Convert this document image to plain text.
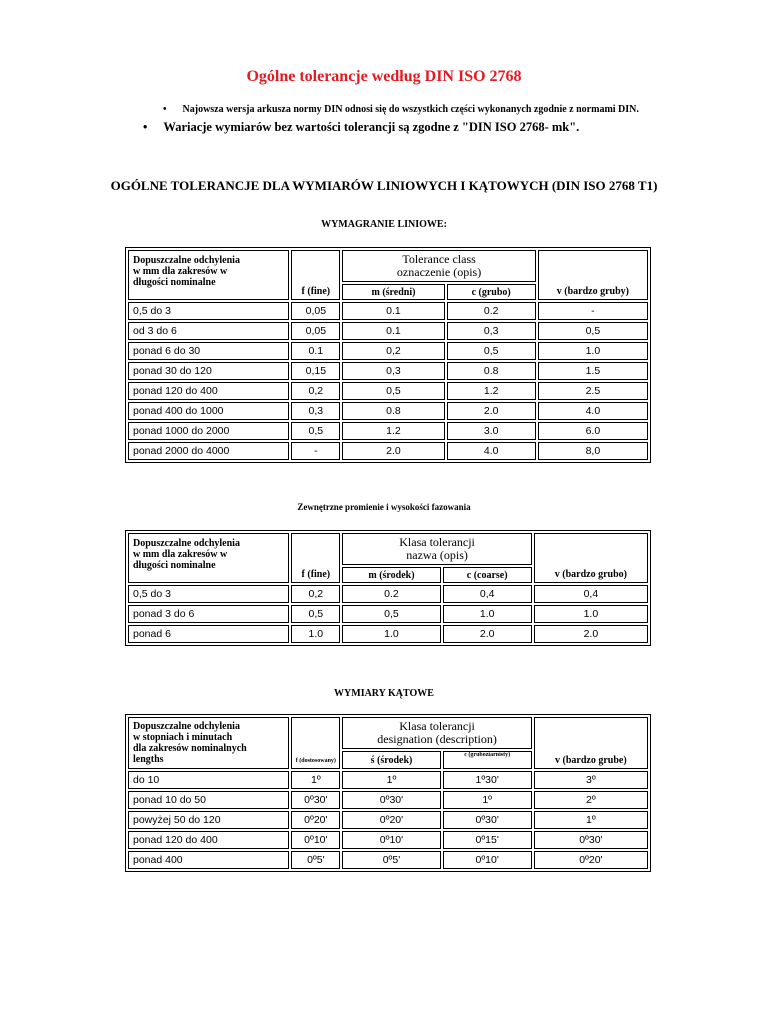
Ogólne tolerancje według DIN ISO 2768
• Najowsza wersja arkusza normy DIN odnosi się do wszystkich części wykonanych zgodnie z normami DIN.
• Wariacje wymiarów bez wartości tolerancji są zgodne z "DIN ISO 2768- mk".
OGÓLNE TOLERANCJE DLA WYMIARÓW LINIOWYCH I KĄTOWYCH (DIN ISO 2768 T1)
WYMAGRANIE LINIOWE:
Dopuszczalne odchylenia
w mm dla zakresów w
długości nominalne	f (fine)	Tolerance class
oznaczenie (opis)		v (bardzo gruby)
		m (średni)	c (grubo)	
0,5 do 3	0,05	0.1	0.2	-
od 3 do 6	0,05	0.1	0,3	0,5
ponad 6 do 30	0.1	0,2	0,5	1.0
ponad 30 do 120	0,15	0,3	0.8	1.5
ponad 120 do 400	0,2	0,5	1.2	2.5
ponad 400 do 1000	0,3	0.8	2.0	4.0
ponad 1000 do 2000	0,5	1.2	3.0	6.0
ponad 2000 do 4000	-	2.0	4.0	8,0
Zewnętrzne promienie i wysokości fazowania
Dopuszczalne odchylenia
w mm dla zakresów w
długości nominalne	f (fine)	Klasa tolerancji
nazwa (opis)		v (bardzo grubo)
		m (środek)	c (coarse)	
0,5 do 3	0,2	0.2	0,4	0,4
ponad 3 do 6	0,5	0,5	1.0	1.0
ponad 6	1.0	1.0	2.0	2.0
WYMIARY KĄTOWE
Dopuszczalne odchylenia
w stopniach i minutach
dla zakresów nominalnych
lengths	f (dostosowany)	Klasa tolerancji
designation (description)		v (bardzo grube)
		ś (środek)	c (gruboziarnisty)	
do 10	1º	1º	1º30'	3º
ponad 10 do 50	0º30'	0º30'	1º	2º
powyżej 50 do 120	0º20'	0º20'	0º30'	1º
ponad 120 do 400	0º10'	0º10'	0º15'	0º30'
ponad 400	0º5'	0º5'	0º10'	0º20'
